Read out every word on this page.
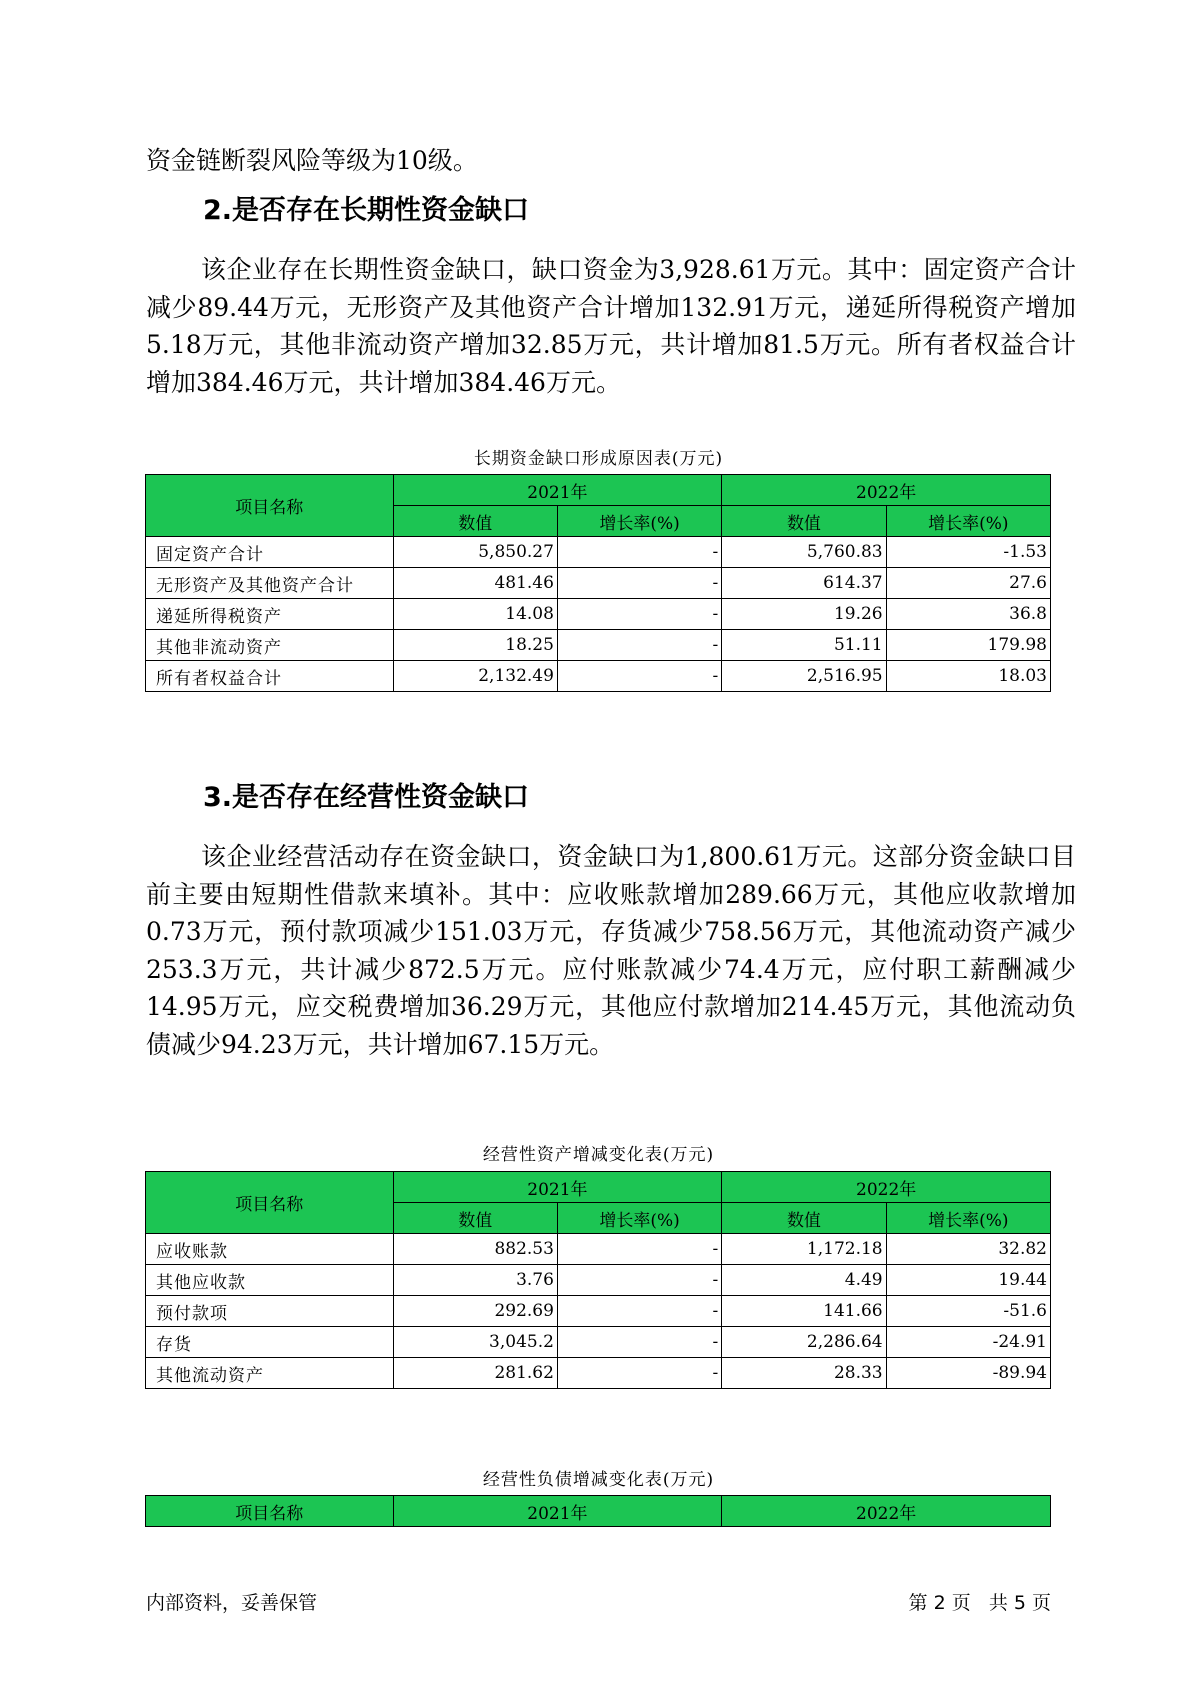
资金链断裂风险等级为10级。

2.是否存在长期性资金缺口

该企业存在长期性资金缺口，缺口资金为3,928.61万元。其中：固定资产合计减少89.44万元，无形资产及其他资产合计增加132.91万元，递延所得税资产增加5.18万元，其他非流动资产增加32.85万元，共计增加81.5万元。所有者权益合计增加384.46万元，共计增加384.46万元。

长期资金缺口形成原因表(万元)

项目名称	2021年		2022年	
	数值	增长率(%)	数值	增长率(%)
固定资产合计	5,850.27	-	5,760.83	-1.53
无形资产及其他资产合计	481.46	-	614.37	27.6
递延所得税资产	14.08	-	19.26	36.8
其他非流动资产	18.25	-	51.11	179.98
所有者权益合计	2,132.49	-	2,516.95	18.03

3.是否存在经营性资金缺口

该企业经营活动存在资金缺口，资金缺口为1,800.61万元。这部分资金缺口目前主要由短期性借款来填补。其中：应收账款增加289.66万元，其他应收款增加0.73万元，预付款项减少151.03万元，存货减少758.56万元，其他流动资产减少253.3万元，共计减少872.5万元。应付账款减少74.4万元，应付职工薪酬减少14.95万元，应交税费增加36.29万元，其他应付款增加214.45万元，其他流动负债减少94.23万元，共计增加67.15万元。

经营性资产增减变化表(万元)

项目名称	2021年		2022年	
	数值	增长率(%)	数值	增长率(%)
应收账款	882.53	-	1,172.18	32.82
其他应收款	3.76	-	4.49	19.44
预付款项	292.69	-	141.66	-51.6
存货	3,045.2	-	2,286.64	-24.91
其他流动资产	281.62	-	28.33	-89.94

经营性负债增减变化表(万元)

项目名称	2021年	2022年

内部资料，妥善保管	第 2 页   共 5 页
